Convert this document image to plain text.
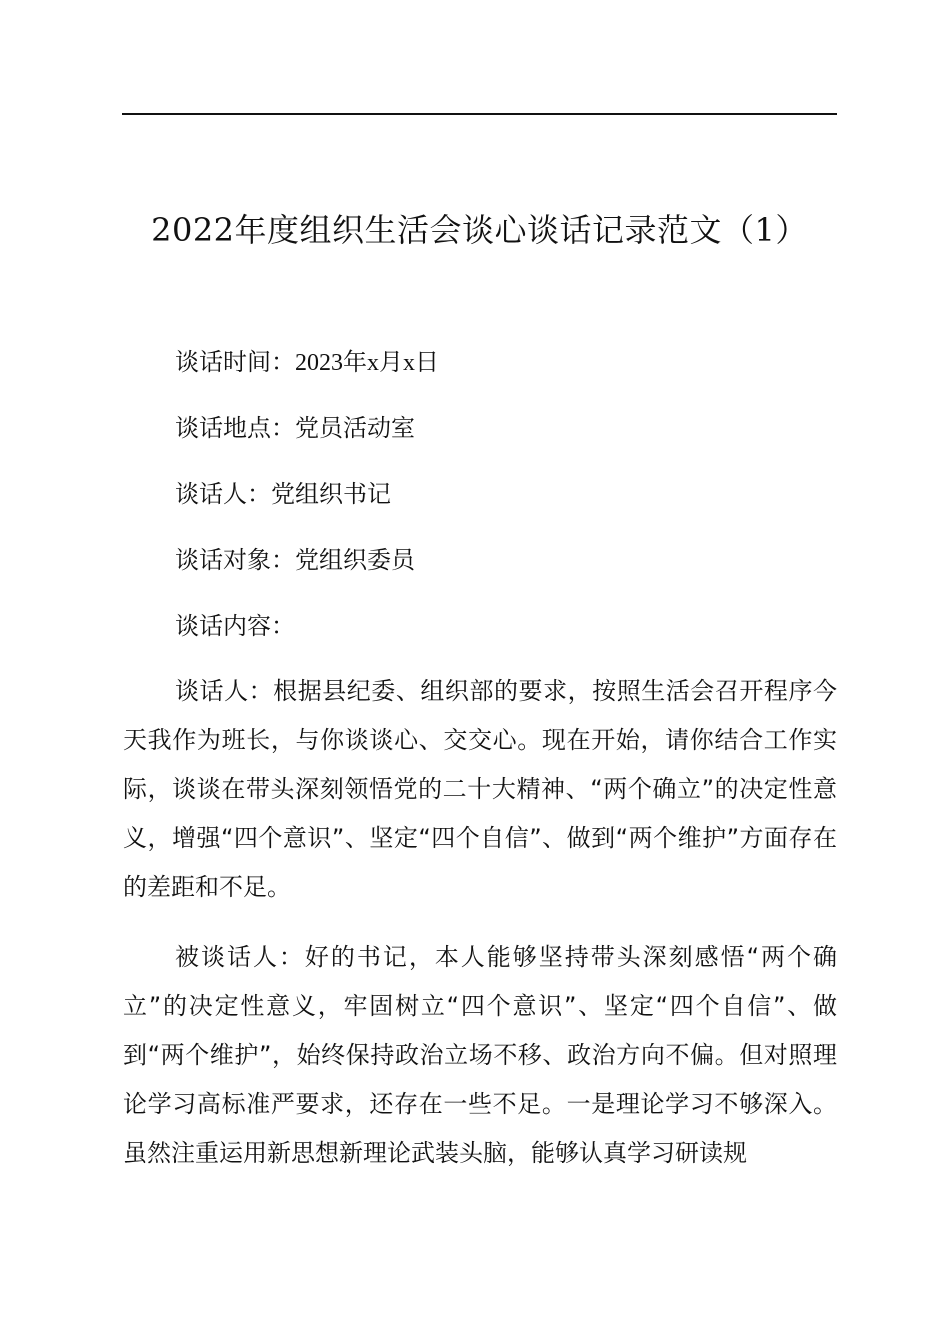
2022年度组织生活会谈心谈话记录范文（1）
谈话时间：2023年x月x日
谈话地点：党员活动室
谈话人：党组织书记
谈话对象：党组织委员
谈话内容：

谈话人：根据县纪委、组织部的要求，按照生活会召开程序今天我作为班长，与你谈谈心、交交心。现在开始，请你结合工作实际，谈谈在带头深刻领悟党的二十大精神、“两个确立”的决定性意义，增强“四个意识”、坚定“四个自信”、做到“两个维护”方面存在的差距和不足。

被谈话人：好的书记，本人能够坚持带头深刻感悟“两个确立”的决定性意义，牢固树立“四个意识”、坚定“四个自信”、做到“两个维护”，始终保持政治立场不移、政治方向不偏。但对照理论学习高标准严要求，还存在一些不足。一是理论学习不够深入。虽然注重运用新思想新理论武装头脑，能够认真学习研读规
